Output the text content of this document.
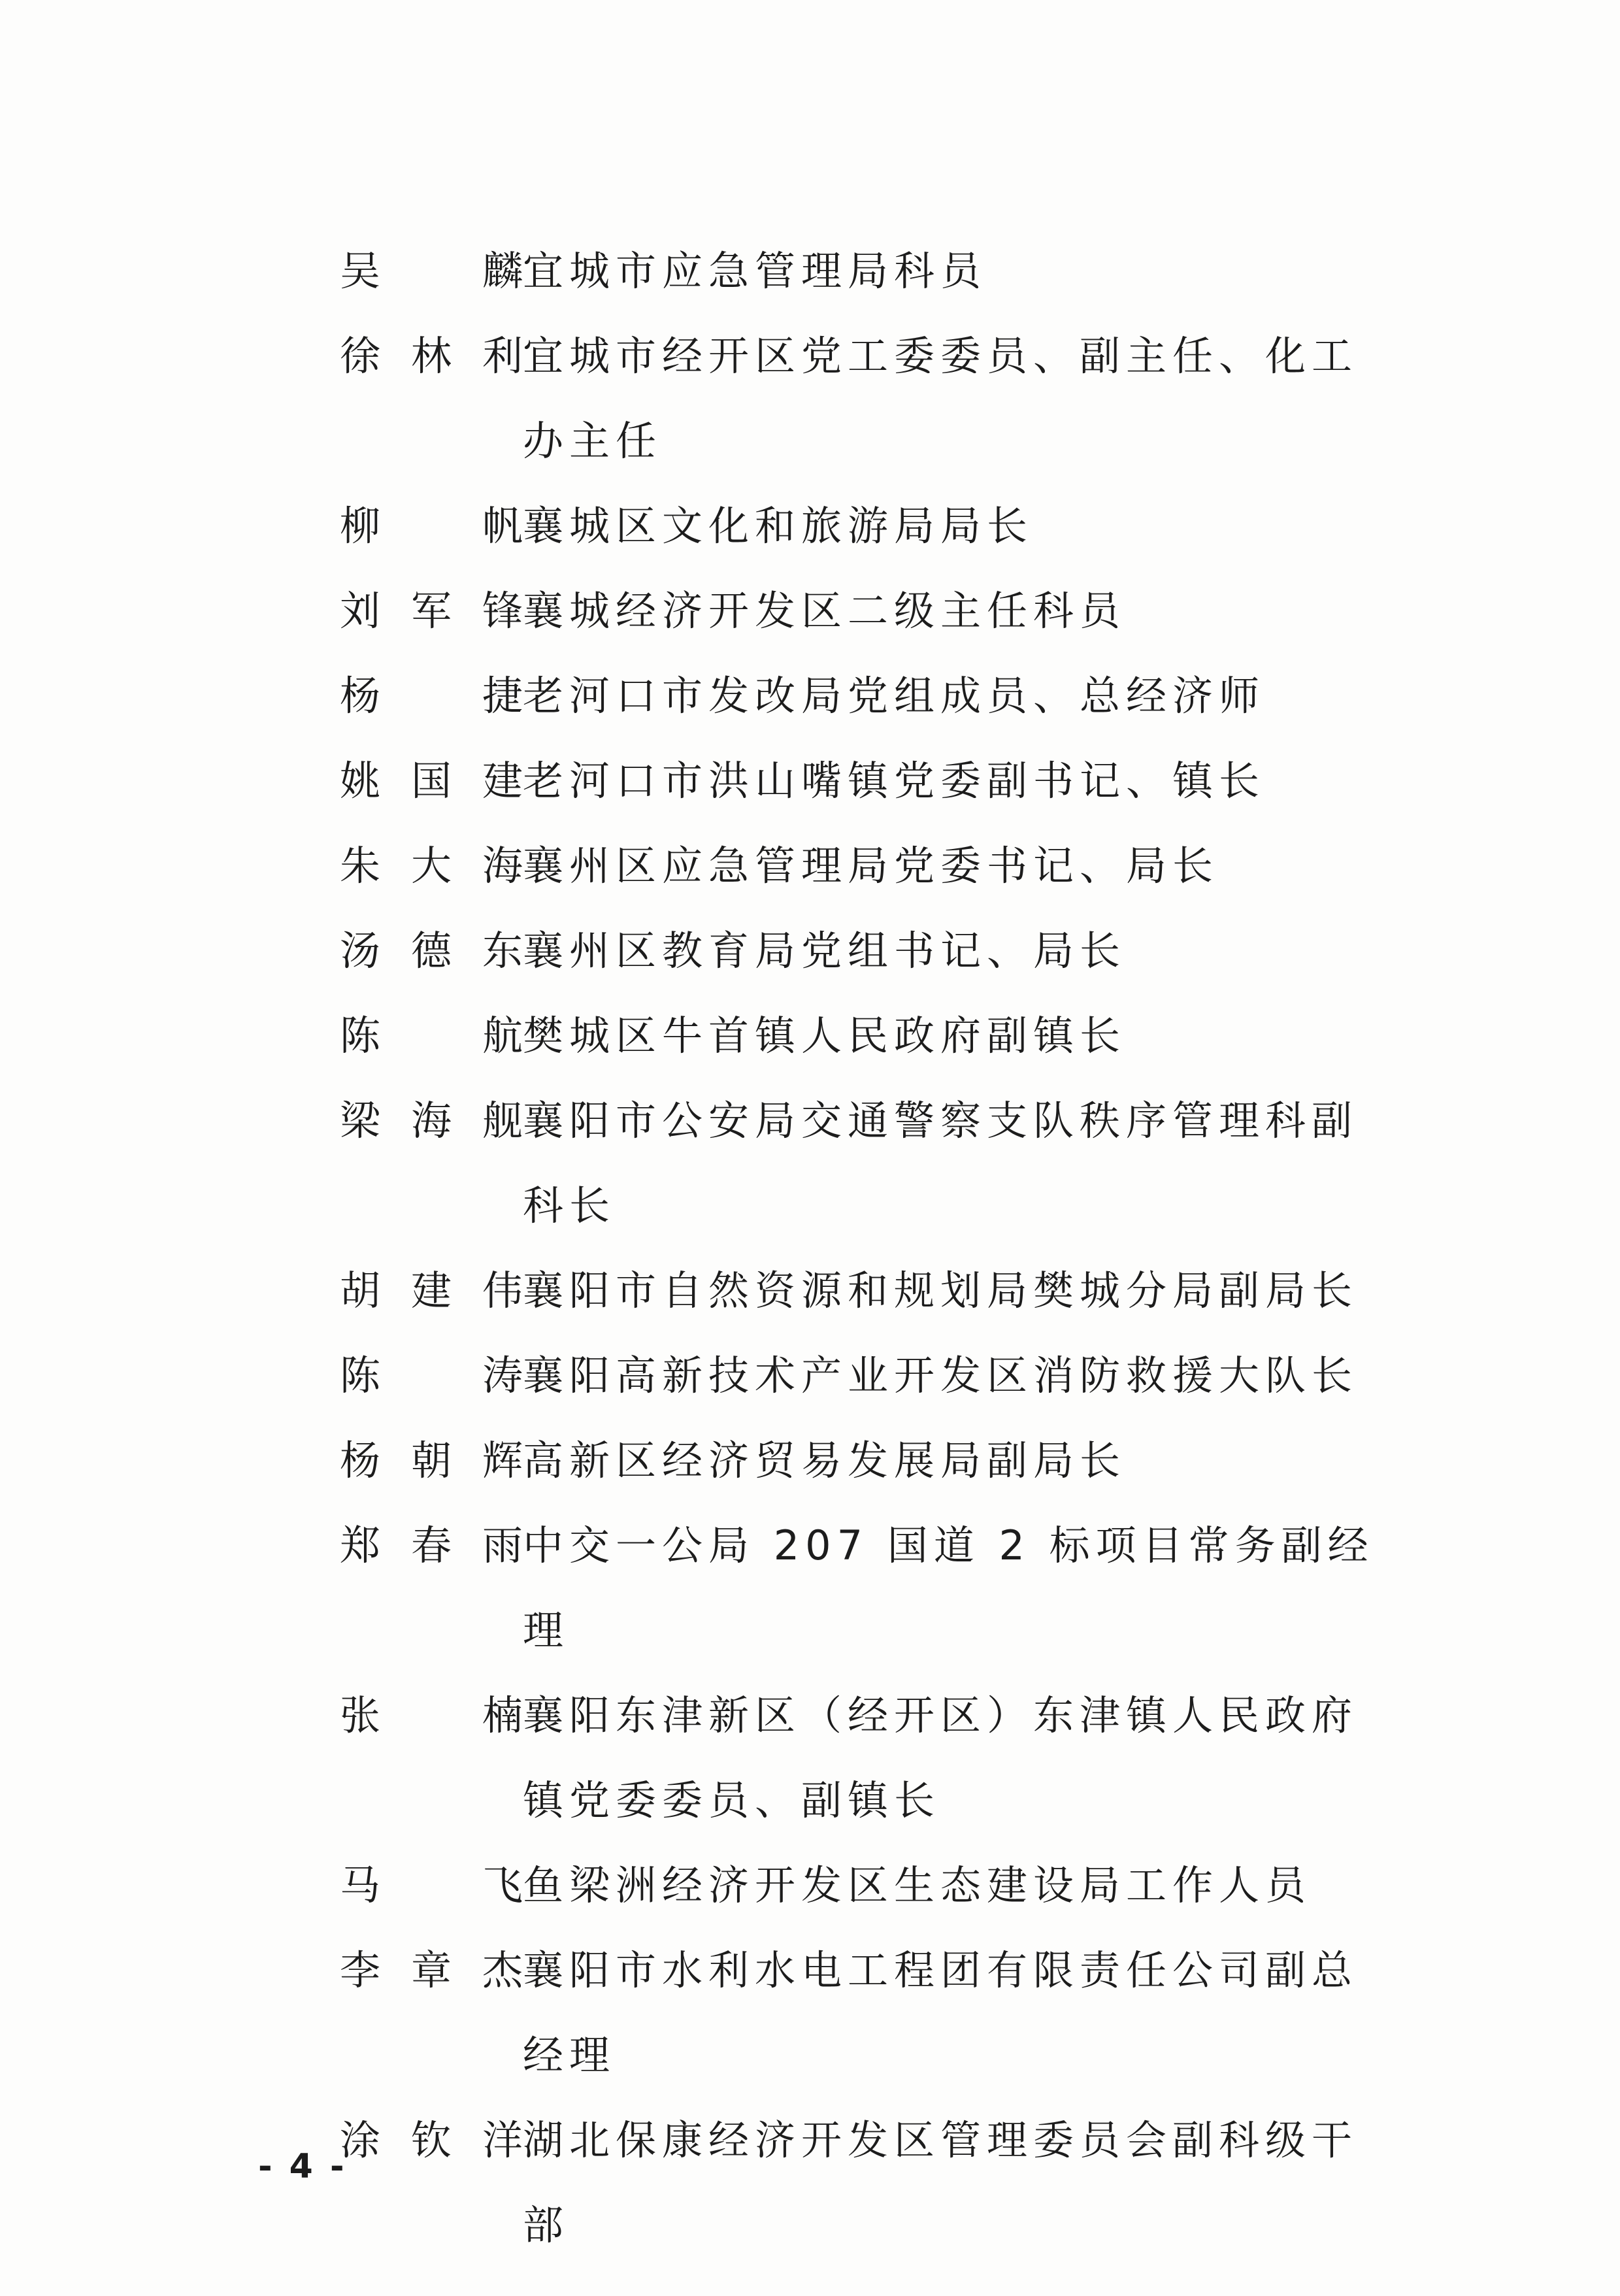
吴　麟 宜城市应急管理局科员
徐林利 宜城市经开区党工委委员、副主任、化工办主任
柳　帆 襄城区文化和旅游局局长
刘军锋 襄城经济开发区二级主任科员
杨　捷 老河口市发改局党组成员、总经济师
姚国建 老河口市洪山嘴镇党委副书记、镇长
朱大海 襄州区应急管理局党委书记、局长
汤德东 襄州区教育局党组书记、局长
陈　航 樊城区牛首镇人民政府副镇长
梁海舰 襄阳市公安局交通警察支队秩序管理科副科长
胡建伟 襄阳市自然资源和规划局樊城分局副局长
陈　涛 襄阳高新技术产业开发区消防救援大队长
杨朝辉 高新区经济贸易发展局副局长
郑春雨 中交一公局 207 国道 2 标项目常务副经理
张　楠 襄阳东津新区（经开区）东津镇人民政府镇党委委员、副镇长
马　飞 鱼梁洲经济开发区生态建设局工作人员
李章杰 襄阳市水利水电工程团有限责任公司副总经理
涂钦洋 湖北保康经济开发区管理委员会副科级干部
- 4 -
